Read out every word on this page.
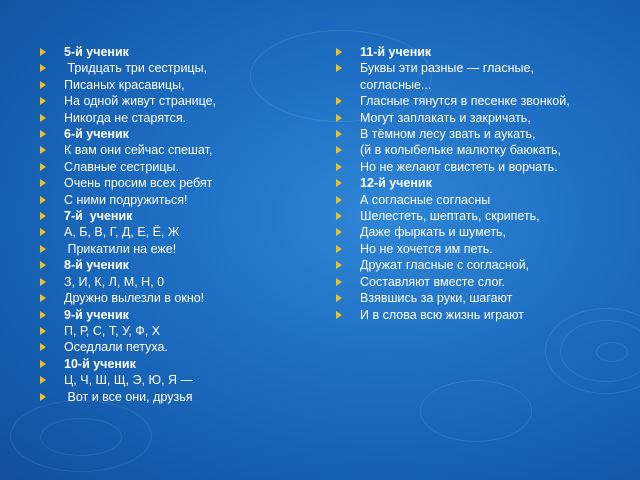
5-й ученик
Тридцать три сестрицы,
Писаных красавицы,
На одной живут странице,
Никогда не старятся.
6-й ученик
К вам они сейчас спешат,
Славные сестрицы.
Очень просим всех ребят
С ними подружиться!
7-й  ученик
А, Б, В, Г, Д, Е, Ё, Ж
Прикатили на еже!
8-й ученик
З, И, К, Л, М, Н, 0
Дружно вылезли в окно!
9-й ученик
П, Р, С, Т, У, Ф, Х
Оседлали петуха.
10-й ученик
Ц, Ч, Ш, Щ, Э, Ю, Я —
Вот и все они, друзья
11-й ученик
Буквы эти разные — гласные, согласные...
Гласные тянутся в песенке звонкой,
Могут заплакать и закричать,
В тёмном лесу звать и аукать,
(й в колыбельке малютку баюкать,
Но не желают свистеть и ворчать.
12-й ученик
А согласные согласны
Шелестеть, шептать, скрипеть,
Даже фыркать и шуметь,
Но не хочется им петь.
Дружат гласные с согласной,
Составляют вместе слог.
Взявшись за руки, шагают
И в слова всю жизнь играют
